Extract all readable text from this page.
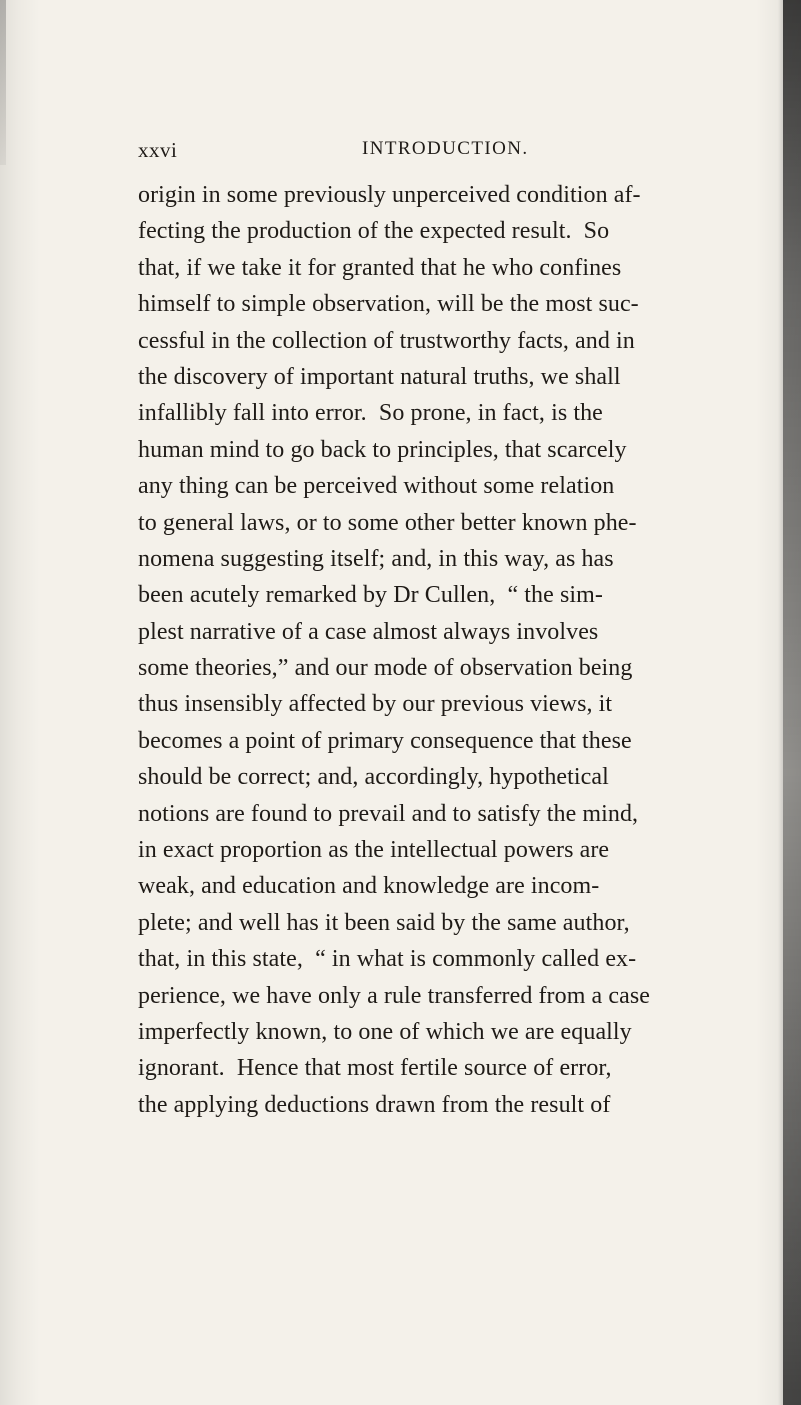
xxvi	INTRODUCTION.
origin in some previously unperceived condition af-
fecting the production of the expected result.  So
that, if we take it for granted that he who confines
himself to simple observation, will be the most suc-
cessful in the collection of trustworthy facts, and in
the discovery of important natural truths, we shall
infallibly fall into error.  So prone, in fact, is the
human mind to go back to principles, that scarcely
any thing can be perceived without some relation
to general laws, or to some other better known phe-
nomena suggesting itself; and, in this way, as has
been acutely remarked by Dr Cullen,  “ the sim-
plest narrative of a case almost always involves
some theories,” and our mode of observation being
thus insensibly affected by our previous views, it
becomes a point of primary consequence that these
should be correct; and, accordingly, hypothetical
notions are found to prevail and to satisfy the mind,
in exact proportion as the intellectual powers are
weak, and education and knowledge are incom-
plete; and well has it been said by the same author,
that, in this state,  “ in what is commonly called ex-
perience, we have only a rule transferred from a case
imperfectly known, to one of which we are equally
ignorant.  Hence that most fertile source of error,
the applying deductions drawn from the result of
